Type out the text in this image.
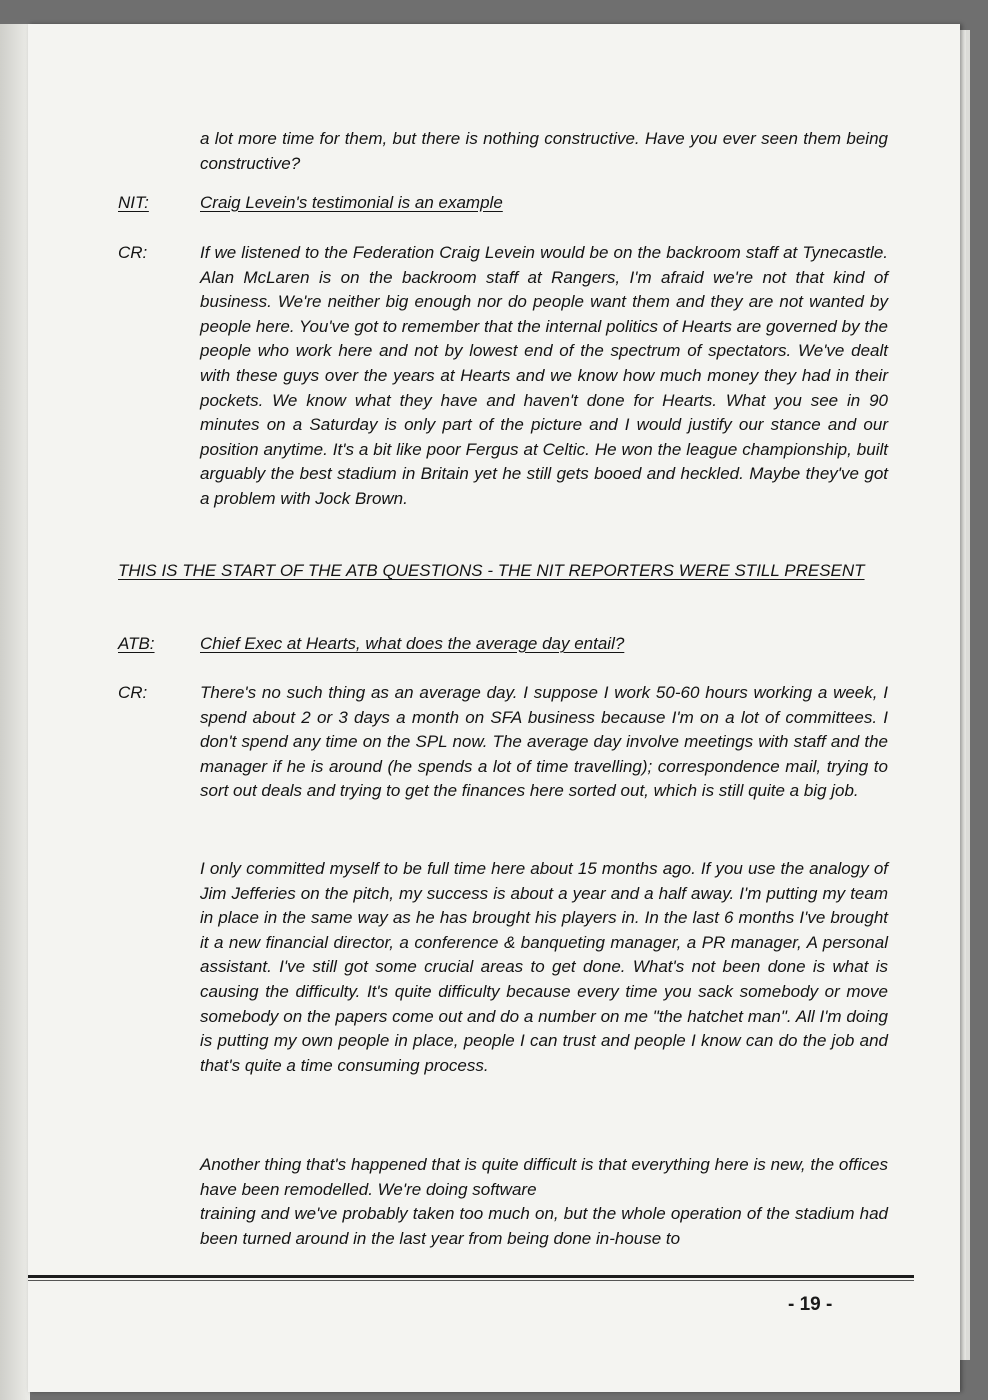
a lot more time for them, but there is nothing constructive. Have you ever seen them being constructive?
NIT:	Craig Levein's testimonial is an example
CR:	If we listened to the Federation Craig Levein would be on the backroom staff at Tynecastle. Alan McLaren is on the backroom staff at Rangers, I'm afraid we're not that kind of business. We're neither big enough nor do people want them and they are not wanted by people here. You've got to remember that the internal politics of Hearts are governed by the people who work here and not by lowest end of the spectrum of spectators. We've dealt with these guys over the years at Hearts and we know how much money they had in their pockets. We know what they have and haven't done for Hearts. What you see in 90 minutes on a Saturday is only part of the picture and I would justify our stance and our position anytime. It's a bit like poor Fergus at Celtic. He won the league championship, built arguably the best stadium in Britain yet he still gets booed and heckled. Maybe they've got a problem with Jock Brown.
THIS IS THE START OF THE ATB QUESTIONS - THE NIT REPORTERS WERE STILL PRESENT
ATB:	Chief Exec at Hearts, what does the average day entail?
CR:	There's no such thing as an average day. I suppose I work 50-60 hours working a week, I spend about 2 or 3 days a month on SFA business because I'm on a lot of committees. I don't spend any time on the SPL now. The average day involve meetings with staff and the manager if he is around (he spends a lot of time travelling); correspondence mail, trying to sort out deals and trying to get the finances here sorted out, which is still quite a big job.
I only committed myself to be full time here about 15 months ago. If you use the analogy of Jim Jefferies on the pitch, my success is about a year and a half away. I'm putting my team in place in the same way as he has brought his players in. In the last 6 months I've brought it a new financial director, a conference & banqueting manager, a PR manager, A personal assistant. I've still got some crucial areas to get done. What's not been done is what is causing the difficulty. It's quite difficulty because every time you sack somebody or move somebody on the papers come out and do a number on me "the hatchet man". All I'm doing is putting my own people in place, people I can trust and people I know can do the job and that's quite a time consuming process.
Another thing that's happened that is quite difficult is that everything here is new, the offices have been remodelled. We're doing software
training and we've probably taken too much on, but the whole operation of the stadium had been turned around in the last year from being done in-house to
- 19 -
